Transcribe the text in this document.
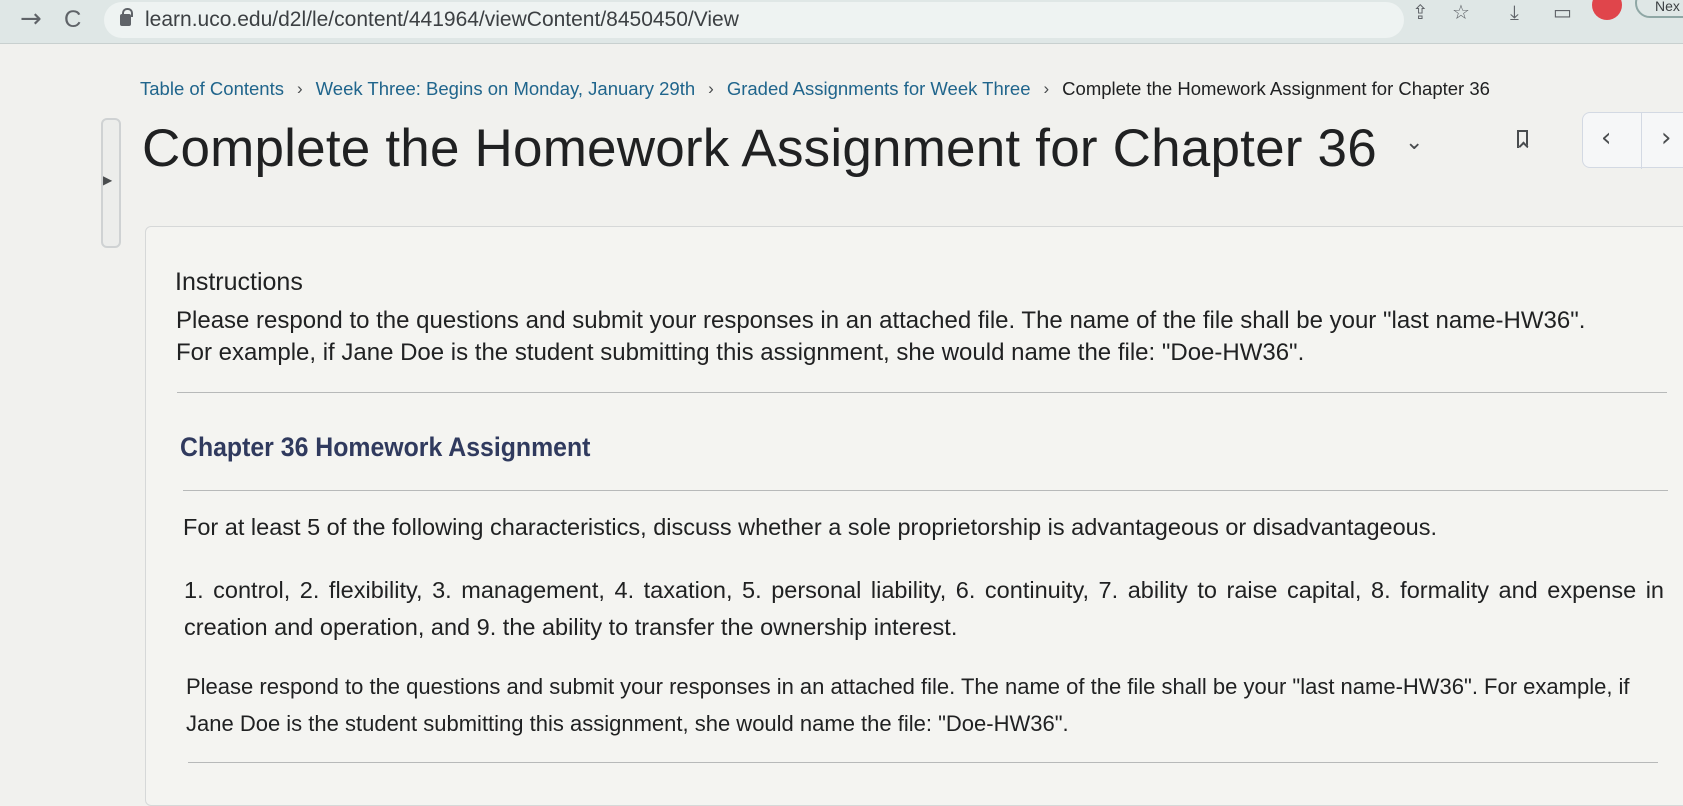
→ C	learn.uco.edu/d2l/le/content/441964/viewContent/8450450/View	⇪ ☆ ⤓ ▭	Nex
Table of Contents › Week Three: Begins on Monday, January 29th › Graded Assignments for Week Three › Complete the Homework Assignment for Chapter 36
▶
Complete the Homework Assignment for Chapter 36 ⌄	‹ ›
Instructions
Please respond to the questions and submit your responses in an attached file. The name of the file shall be your "last name-HW36".
For example, if Jane Doe is the student submitting this assignment, she would name the file: "Doe-HW36".
Chapter 36 Homework Assignment
For at least 5 of the following characteristics, discuss whether a sole proprietorship is advantageous or disadvantageous.
1. control, 2. flexibility, 3. management, 4. taxation, 5. personal liability, 6. continuity, 7. ability to raise capital, 8. formality and expense in creation and operation, and 9. the ability to transfer the ownership interest.
Please respond to the questions and submit your responses in an attached file. The name of the file shall be your "last name-HW36". For example, if Jane Doe is the student submitting this assignment, she would name the file: "Doe-HW36".
